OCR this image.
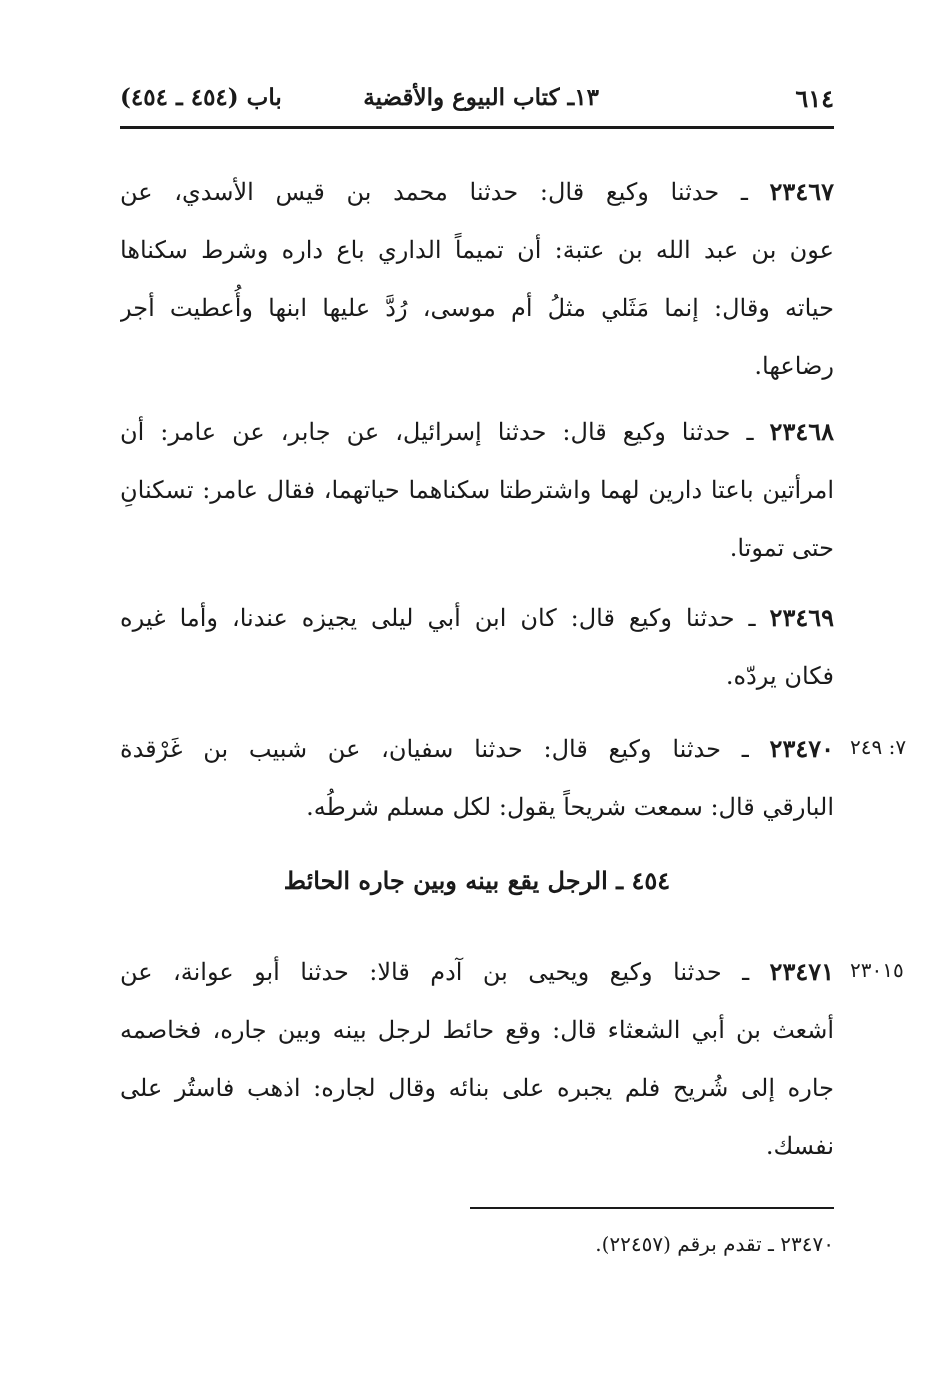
٦١٤
١٣ـ كتاب البيوع والأقضية
باب (٤٥٤ ـ ٤٥٤)
٢٣٤٦٧ ـ حدثنا وكيع قال: حدثنا محمد بن قيس الأسدي، عن
عون بن عبد الله بن عتبة: أن تميماً الداري باع داره وشرط سكناها
حياته وقال: إنما مَثَلي مثلُ أم موسى، رُدَّ عليها ابنها وأُعطيت أجر
رضاعها.
٢٣٤٦٨ ـ حدثنا وكيع قال: حدثنا إسرائيل، عن جابر، عن عامر: أن
امرأتين باعتا دارين لهما واشترطتا سكناهما حياتهما، فقال عامر: تسكنانِ
حتى تموتا.
٢٣٤٦٩ ـ حدثنا وكيع قال: كان ابن أبي ليلى يجيزه عندنا، وأما غيره
فكان يردّه.
٧: ٢٤٩
٢٣٤٧٠ ـ حدثنا وكيع قال: حدثنا سفيان، عن شبيب بن غَرْقدة
البارقي قال: سمعت شريحاً يقول: لكل مسلم شرطُه.
٤٥٤ ـ الرجل يقع بينه وبين جاره الحائط
٢٣٠١٥
٢٣٤٧١ ـ حدثنا وكيع ويحيى بن آدم قالا: حدثنا أبو عوانة، عن
أشعث بن أبي الشعثاء قال: وقع حائط لرجل بينه وبين جاره، فخاصمه
جاره إلى شُريح فلم يجبره على بنائه وقال لجاره: اذهب فاستُر على
نفسك.
٢٣٤٧٠ ـ تقدم برقم (٢٢٤٥٧).
